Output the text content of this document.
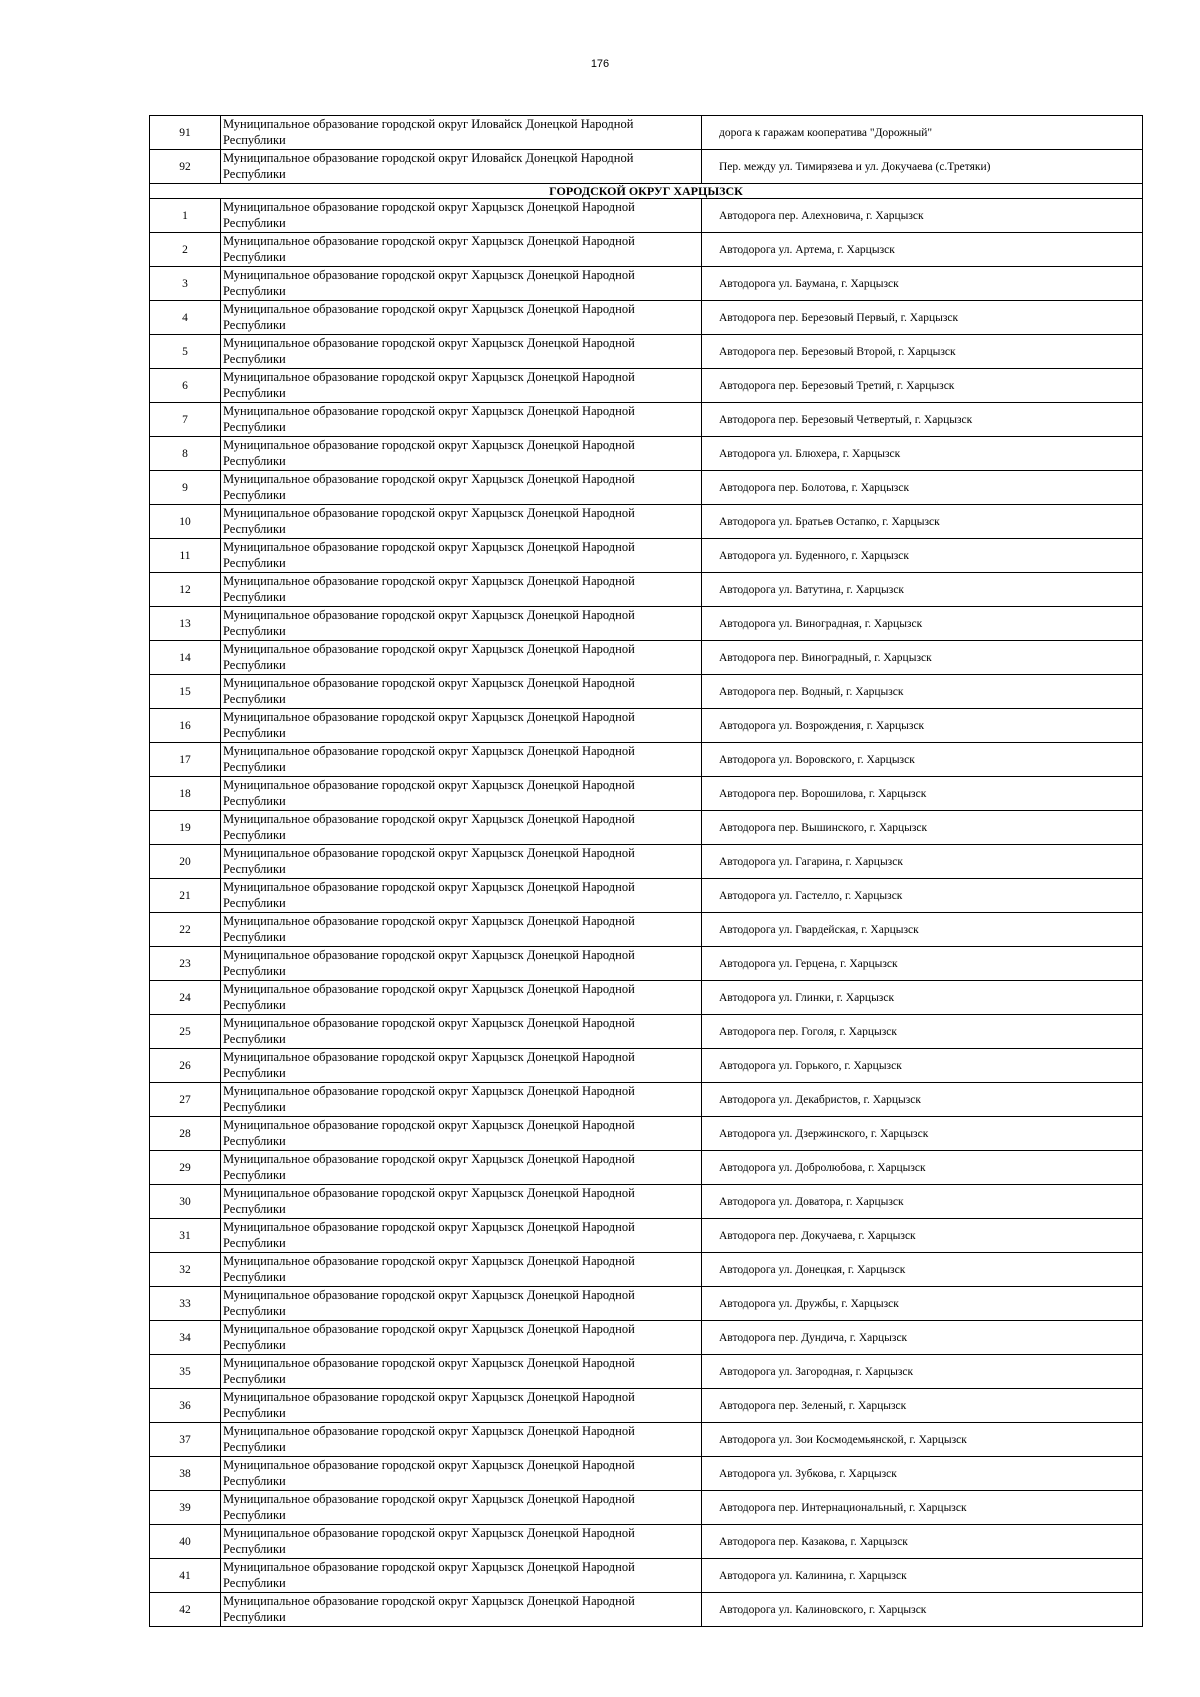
176
91	Муниципальное образование городской округ Иловайск Донецкой Народной Республики	дорога к гаражам кооператива "Дорожный"
92	Муниципальное образование городской округ Иловайск Донецкой Народной Республики	Пер. между ул. Тимирязева и ул. Докучаева (с.Третяки)
ГОРОДСКОЙ ОКРУГ ХАРЦЫЗСК		
1	Муниципальное образование городской округ Харцызск Донецкой Народной Республики	Автодорога пер. Алехновича, г. Харцызск
2	Муниципальное образование городской округ Харцызск Донецкой Народной Республики	Автодорога ул. Артема, г. Харцызск
3	Муниципальное образование городской округ Харцызск Донецкой Народной Республики	Автодорога ул. Баумана, г. Харцызск
4	Муниципальное образование городской округ Харцызск Донецкой Народной Республики	Автодорога пер. Березовый Первый, г. Харцызск
5	Муниципальное образование городской округ Харцызск Донецкой Народной Республики	Автодорога пер. Березовый Второй, г. Харцызск
6	Муниципальное образование городской округ Харцызск Донецкой Народной Республики	Автодорога пер. Березовый Третий, г. Харцызск
7	Муниципальное образование городской округ Харцызск Донецкой Народной Республики	Автодорога пер. Березовый Четвертый, г. Харцызск
8	Муниципальное образование городской округ Харцызск Донецкой Народной Республики	Автодорога ул. Блюхера, г. Харцызск
9	Муниципальное образование городской округ Харцызск Донецкой Народной Республики	Автодорога пер. Болотова, г. Харцызск
10	Муниципальное образование городской округ Харцызск Донецкой Народной Республики	Автодорога ул. Братьев Остапко, г. Харцызск
11	Муниципальное образование городской округ Харцызск Донецкой Народной Республики	Автодорога ул. Буденного, г. Харцызск
12	Муниципальное образование городской округ Харцызск Донецкой Народной Республики	Автодорога ул. Ватутина, г. Харцызск
13	Муниципальное образование городской округ Харцызск Донецкой Народной Республики	Автодорога ул. Виноградная, г. Харцызск
14	Муниципальное образование городской округ Харцызск Донецкой Народной Республики	Автодорога пер. Виноградный, г. Харцызск
15	Муниципальное образование городской округ Харцызск Донецкой Народной Республики	Автодорога пер. Водный, г. Харцызск
16	Муниципальное образование городской округ Харцызск Донецкой Народной Республики	Автодорога ул. Возрождения, г. Харцызск
17	Муниципальное образование городской округ Харцызск Донецкой Народной Республики	Автодорога ул. Воровского, г. Харцызск
18	Муниципальное образование городской округ Харцызск Донецкой Народной Республики	Автодорога пер. Ворошилова, г. Харцызск
19	Муниципальное образование городской округ Харцызск Донецкой Народной Республики	Автодорога пер. Вышинского, г. Харцызск
20	Муниципальное образование городской округ Харцызск Донецкой Народной Республики	Автодорога ул. Гагарина, г. Харцызск
21	Муниципальное образование городской округ Харцызск Донецкой Народной Республики	Автодорога ул. Гастелло, г. Харцызск
22	Муниципальное образование городской округ Харцызск Донецкой Народной Республики	Автодорога ул. Гвардейская, г. Харцызск
23	Муниципальное образование городской округ Харцызск Донецкой Народной Республики	Автодорога ул. Герцена, г. Харцызск
24	Муниципальное образование городской округ Харцызск Донецкой Народной Республики	Автодорога ул. Глинки, г. Харцызск
25	Муниципальное образование городской округ Харцызск Донецкой Народной Республики	Автодорога пер. Гоголя, г. Харцызск
26	Муниципальное образование городской округ Харцызск Донецкой Народной Республики	Автодорога ул. Горького, г. Харцызск
27	Муниципальное образование городской округ Харцызск Донецкой Народной Республики	Автодорога ул. Декабристов, г. Харцызск
28	Муниципальное образование городской округ Харцызск Донецкой Народной Республики	Автодорога ул. Дзержинского, г. Харцызск
29	Муниципальное образование городской округ Харцызск Донецкой Народной Республики	Автодорога ул. Добролюбова, г. Харцызск
30	Муниципальное образование городской округ Харцызск Донецкой Народной Республики	Автодорога ул. Доватора, г. Харцызск
31	Муниципальное образование городской округ Харцызск Донецкой Народной Республики	Автодорога пер. Докучаева, г. Харцызск
32	Муниципальное образование городской округ Харцызск Донецкой Народной Республики	Автодорога ул. Донецкая, г. Харцызск
33	Муниципальное образование городской округ Харцызск Донецкой Народной Республики	Автодорога ул. Дружбы, г. Харцызск
34	Муниципальное образование городской округ Харцызск Донецкой Народной Республики	Автодорога пер. Дундича, г. Харцызск
35	Муниципальное образование городской округ Харцызск Донецкой Народной Республики	Автодорога ул. Загородная, г. Харцызск
36	Муниципальное образование городской округ Харцызск Донецкой Народной Республики	Автодорога пер. Зеленый, г. Харцызск
37	Муниципальное образование городской округ Харцызск Донецкой Народной Республики	Автодорога ул. Зои Космодемьянской, г. Харцызск
38	Муниципальное образование городской округ Харцызск Донецкой Народной Республики	Автодорога ул. Зубкова, г. Харцызск
39	Муниципальное образование городской округ Харцызск Донецкой Народной Республики	Автодорога пер. Интернациональный, г. Харцызск
40	Муниципальное образование городской округ Харцызск Донецкой Народной Республики	Автодорога пер. Казакова, г. Харцызск
41	Муниципальное образование городской округ Харцызск Донецкой Народной Республики	Автодорога ул. Калинина, г. Харцызск
42	Муниципальное образование городской округ Харцызск Донецкой Народной Республики	Автодорога ул. Калиновского, г. Харцызск
